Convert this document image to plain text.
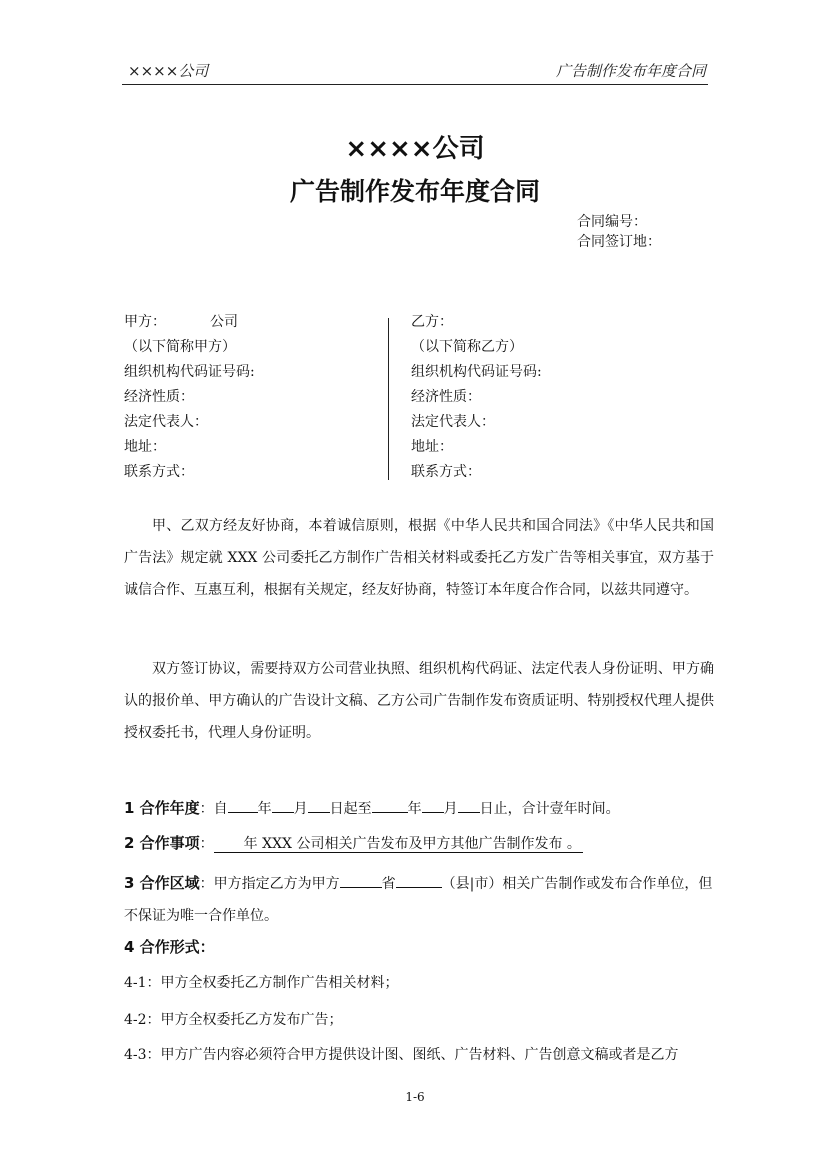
××××公司	广告制作发布年度合同
××××公司
广告制作发布年度合同
合同编号：
合同签订地：
甲方：	公司
（以下简称甲方）
组织机构代码证号码:
经济性质：
法定代表人：
地址：
联系方式：
乙方：
（以下简称乙方）
组织机构代码证号码:
经济性质：
法定代表人：
地址：
联系方式：
甲、乙双方经友好协商，本着诚信原则，根据《中华人民共和国合同法》《中华人民共和国广告法》规定就 XXX 公司委托乙方制作广告相关材料或委托乙方发广告等相关事宜，双方基于诚信合作、互惠互利，根据有关规定，经友好协商，特签订本年度合作合同，以兹共同遵守。
双方签订协议，需要持双方公司营业执照、组织机构代码证、法定代表人身份证明、甲方确认的报价单、甲方确认的广告设计文稿、乙方公司广告制作发布资质证明、特别授权代理人提供授权委托书，代理人身份证明。
1 合作年度：自 年 月 日起至	年 月 日止，合计壹年时间。
2 合作事项： 年 XXX 公司相关广告发布及甲方其他广告制作发布 。
3 合作区域：甲方指定乙方为甲方	省	（县|市）相关广告制作或发布合作单位，但不保证为唯一合作单位。
4 合作形式：
4-1：甲方全权委托乙方制作广告相关材料；
4-2：甲方全权委托乙方发布广告；
4-3：甲方广告内容必须符合甲方提供设计图、图纸、广告材料、广告创意文稿或者是乙方
1-6
